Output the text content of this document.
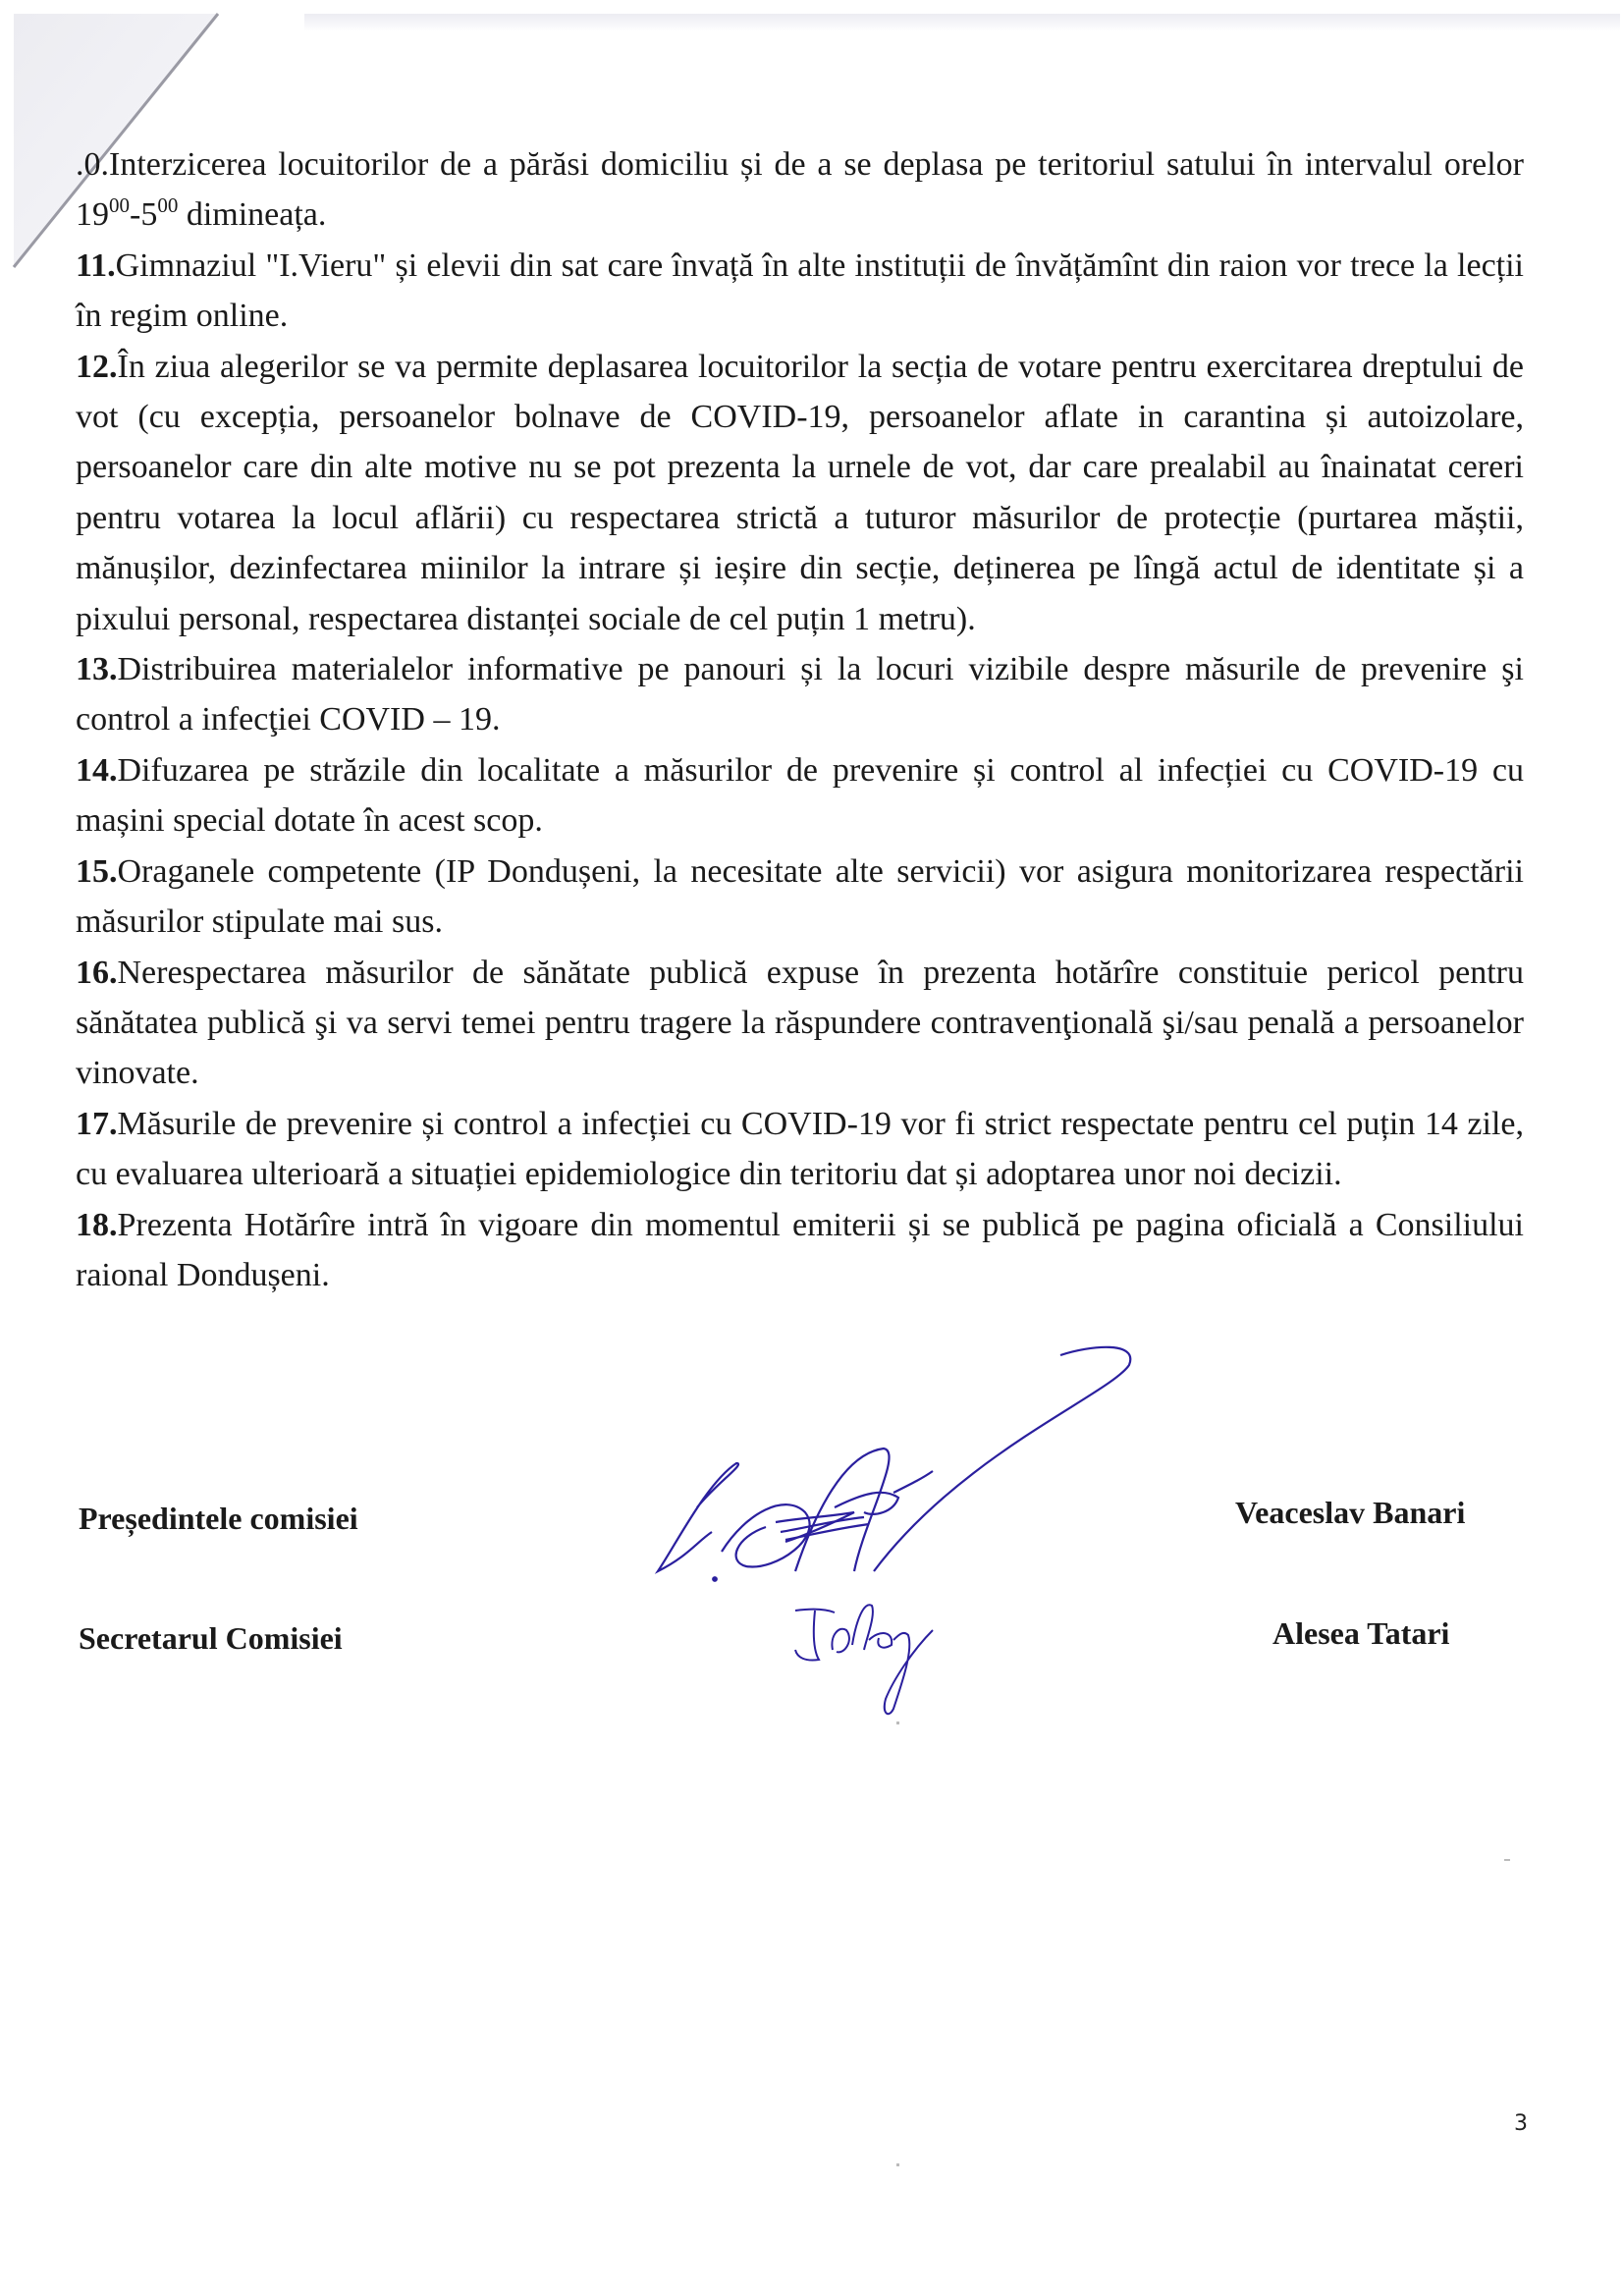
.0.Interzicerea locuitorilor de a părăsi domiciliu și de a se deplasa pe teritoriul satului în intervalul orelor $19^{00}-5^{00}$ dimineața.

11.Gimnaziul "I.Vieru" și elevii din sat care învață în alte instituții de învățămînt din raion vor trece la lecții în regim online.

12.În ziua alegerilor se va permite deplasarea locuitorilor la secția de votare pentru exercitarea dreptului de vot (cu excepția, persoanelor bolnave de COVID-19, persoanelor aflate in carantina și autoizolare, persoanelor care din alte motive nu se pot prezenta la urnele de vot, dar care prealabil au înainatat cereri pentru votarea la locul aflării) cu respectarea strictă a tuturor măsurilor de protecție (purtarea măștii, mănușilor, dezinfectarea miinilor la intrare și ieșire din secție, deținerea pe lîngă actul de identitate și a pixului personal, respectarea distanței sociale de cel puțin 1 metru).

13.Distribuirea materialelor informative pe panouri și la locuri vizibile despre măsurile de prevenire şi control a infecţiei COVID – 19.

14.Difuzarea pe străzile din localitate a măsurilor de prevenire și control al infecției cu COVID-19 cu mașini special dotate în acest scop.

15.Oraganele competente (IP Dondușeni, la necesitate alte servicii) vor asigura monitorizarea respectării măsurilor stipulate mai sus.

16.Nerespectarea măsurilor de sănătate publică expuse în prezenta hotărîre constituie pericol pentru sănătatea publică şi va servi temei pentru tragere la răspundere contravenţională şi/sau penală a persoanelor vinovate.

17.Măsurile de prevenire și control a infecției cu COVID-19 vor fi strict respectate pentru cel puțin 14 zile, cu evaluarea ulterioară a situației epidemiologice din teritoriu dat și adoptarea unor noi decizii.

18.Prezenta Hotărîre intră în vigoare din momentul emiterii și se publică pe pagina oficială a Consiliului raional Dondușeni.

Președintele comisiei	Veaceslav Banari
Secretarul Comisiei	Alesea Tatari
3
